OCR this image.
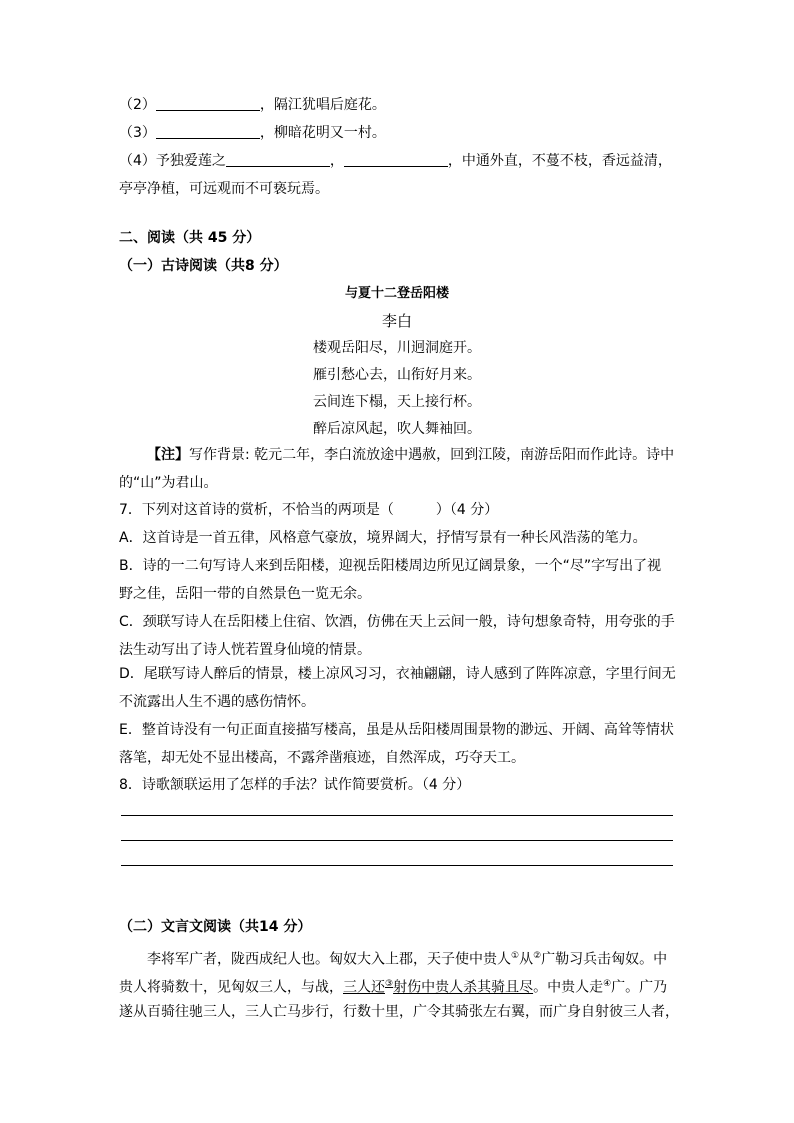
（2）	，隔江犹唱后庭花。
（3）	，柳暗花明又一村。
（4）予独爱莲之	，	，中通外直，不蔓不枝，香远益清，
亭亭净植，可远观而不可亵玩焉。
二、阅读（共 45 分）
（一）古诗阅读（共8 分）
与夏十二登岳阳楼
李白
楼观岳阳尽，川迥洞庭开。
雁引愁心去，山衔好月来。
云间连下榻，天上接行杯。
醉后凉风起，吹人舞袖回。
【注】写作背景: 乾元二年，李白流放途中遇赦，回到江陵，南游岳阳而作此诗。诗中
的“山”为君山。
7．下列对这首诗的赏析，不恰当的两项是（　　　）（4 分）
A．这首诗是一首五律，风格意气豪放，境界阔大，抒情写景有一种长风浩荡的笔力。
B．诗的一二句写诗人来到岳阳楼，迎视岳阳楼周边所见辽阔景象，一个“尽”字写出了视
野之佳，岳阳一带的自然景色一览无余。
C．颈联写诗人在岳阳楼上住宿、饮酒，仿佛在天上云间一般，诗句想象奇特，用夸张的手
法生动写出了诗人恍若置身仙境的情景。
D．尾联写诗人醉后的情景，楼上凉风习习，衣袖翩翩，诗人感到了阵阵凉意，字里行间无
不流露出人生不遇的感伤情怀。
E．整首诗没有一句正面直接描写楼高，虽是从岳阳楼周围景物的渺远、开阔、高耸等情状
落笔，却无处不显出楼高，不露斧凿痕迹，自然浑成，巧夺天工。
8．诗歌颔联运用了怎样的手法？试作简要赏析。（4 分）
（二）文言文阅读（共14 分）
李将军广者，陇西成纪人也。匈奴大入上郡，天子使中贵人①从②广勒习兵击匈奴。中
贵人将骑数十，见匈奴三人，与战，三人还③射伤中贵人杀其骑且尽。中贵人走④广。广乃
遂从百骑往驰三人，三人亡马步行，行数十里，广令其骑张左右翼，而广身自射彼三人者，
